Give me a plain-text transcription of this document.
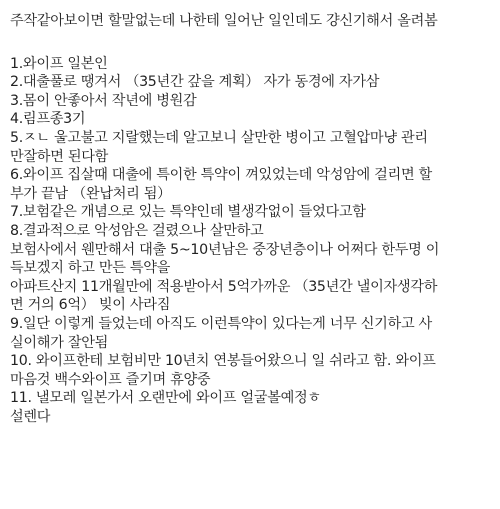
주작같아보이면 할말없는데 나한테 일어난 일인데도 걍신기해서 올려봄
1.와이프 일본인
2.대출풀로 땡겨서 （35년간 갚을 계획） 자가 동경에 자가삼
3.몸이 안좋아서 작년에 병원감
4.림프종3기
5.ㅈㄴ 울고불고 지랄했는데 알고보니 살만한 병이고 고혈압마냥 관리
만잘하면 된다함
6.와이프 집살때 대출에 특이한 특약이 껴있었는데 악성암에 걸리면 할
부가 끝남 （완납처리 됨）
7.보험같은 개념으로 있는 특약인데 별생각없이 들었다고함
8.결과적으로 악성암은 걸렸으나 살만하고
보험사에서 웬만해서 대출 5~10년남은 중장년층이나 어쩌다 한두명 이
득보겠지 하고 만든 특약을
아파트산지 11개월만에 적용받아서 5억가까운 （35년간 낼이자생각하
면 거의 6억） 빚이 사라짐
9.일단 이렇게 들었는데 아직도 이런특약이 있다는게 너무 신기하고 사
실이해가 잘안됨
10. 와이프한테 보험비만 10년치 연봉들어왔으니 일 쉬라고 함. 와이프
마음것 백수와이프 즐기며 휴양중
11. 낼모레 일본가서 오랜만에 와이프 얼굴볼예정ㅎ
설렌다
